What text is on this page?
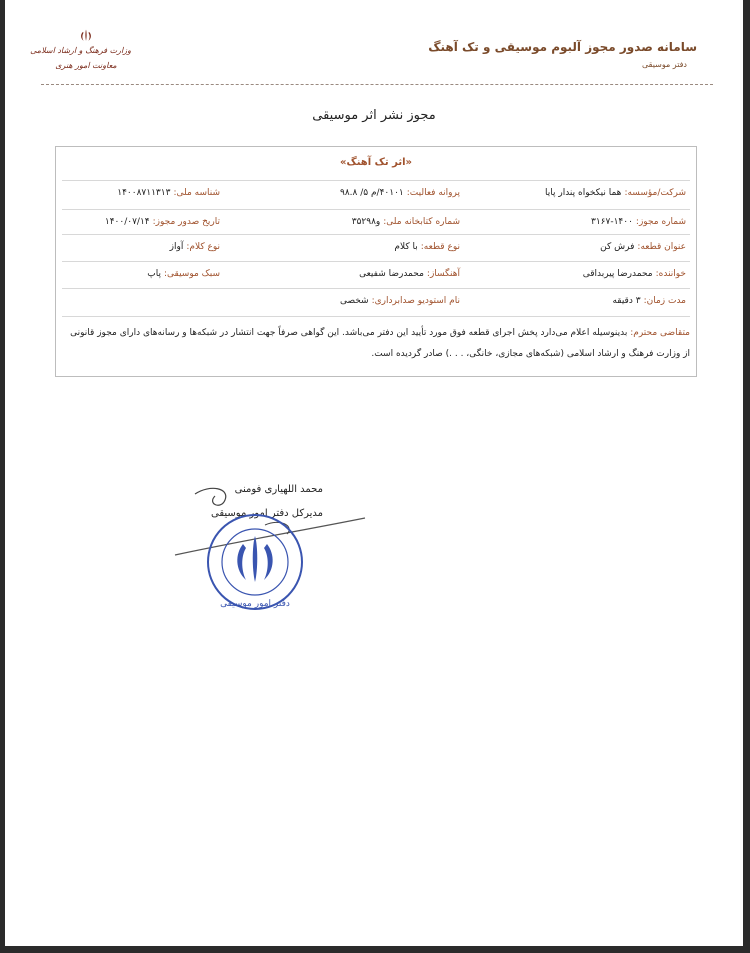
سامانه صدور مجوز آلبوم موسیقی و تک آهنگ
دفتر موسیقی
وزارت فرهنگ و ارشاد اسلامی
معاونت امور هنری
مجوز نشر اثر موسیقی
«اثر تک آهنگ»
شرکت/مؤسسه:هما نیکخواه پندار پایا
پروانه فعالیت:۴۰۱۰۱/م ۵/ ۹۸.۸
شناسه ملی:۱۴۰۰۸۷۱۱۳۱۳
شماره مجوز:۱۴۰۰-۳۱۶۷
شماره کتابخانه ملی:و۳۵۲۹۸
تاریخ صدور مجوز:۱۴۰۰/۰۷/۱۴
عنوان قطعه:فرش کن
نوع قطعه:با کلام
نوع کلام:آواز
خواننده:محمدرضا پیربداقی
آهنگساز:محمدرضا شفیعی
سبک موسیقی:پاپ
مدت زمان:۳ دقیقه
نام استودیو صدابرداری:شخصی
متقاضی محترم: بدینوسیله اعلام می‌دارد پخش اجرای قطعه فوق مورد تأیید این دفتر می‌باشد. این گواهی صرفاً جهت انتشار در شبکه‌ها و رسانه‌های دارای مجوز قانونی از وزارت فرهنگ و ارشاد اسلامی (شبکه‌های مجازی، خانگی، . . .) صادر گردیده است.
محمد اللهیاری فومنی
مدیرکل دفتر امور موسیقی
دفتر امور موسیقی
